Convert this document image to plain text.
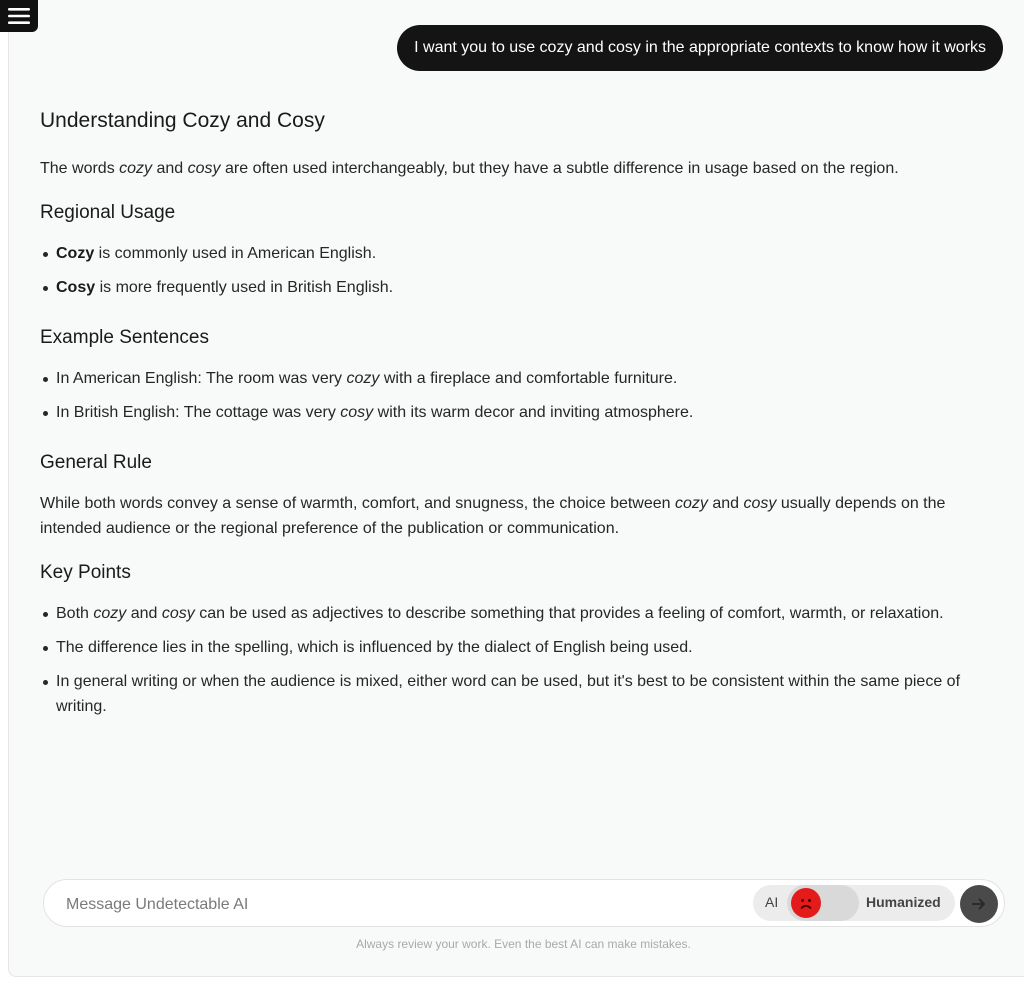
I want you to use cozy and cosy in the appropriate contexts to know how it works
Understanding Cozy and Cosy

The words cozy and cosy are often used interchangeably, but they have a subtle difference in usage based on the region.

Regional Usage
Cozy is commonly used in American English.
Cosy is more frequently used in British English.
Example Sentences
In American English: The room was very cozy with a fireplace and comfortable furniture.
In British English: The cottage was very cosy with its warm decor and inviting atmosphere.
General Rule

While both words convey a sense of warmth, comfort, and snugness, the choice between cozy and cosy usually depends on the intended audience or the regional preference of the publication or communication.

Key Points
Both cozy and cosy can be used as adjectives to describe something that provides a feeling of comfort, warmth, or relaxation.
The difference lies in the spelling, which is influenced by the dialect of English being used.
In general writing or when the audience is mixed, either word can be used, but it's best to be consistent within the same piece of writing.
Message Undetectable AI
AI	Humanized
Always review your work. Even the best AI can make mistakes.
